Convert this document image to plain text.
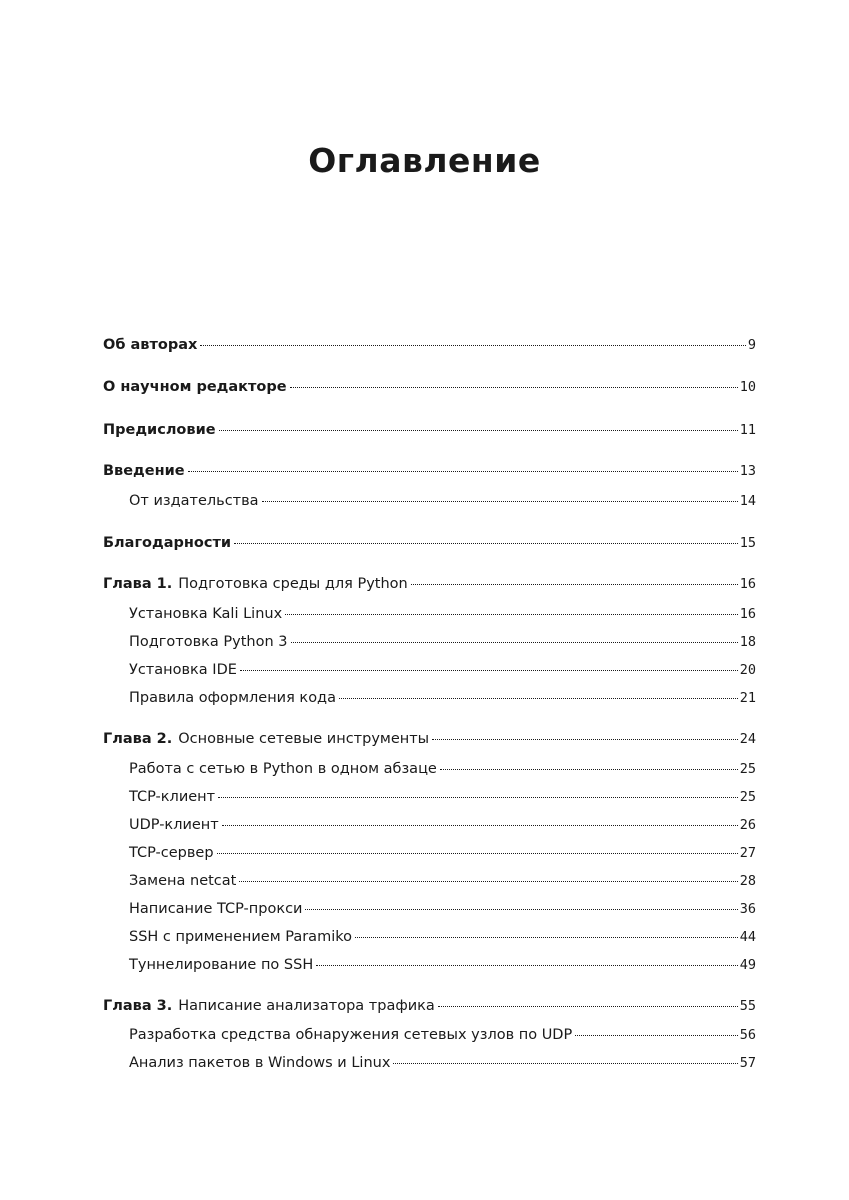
Оглавление
Об авторах	9
О научном редакторе	10
Предисловие	11
Введение	13
От издательства	14
Благодарности	15
Глава 1. Подготовка среды для Python	16
Установка Kali Linux	16
Подготовка Python 3	18
Установка IDE	20
Правила оформления кода	21
Глава 2. Основные сетевые инструменты	24
Работа с сетью в Python в одном абзаце	25
TCP-клиент	25
UDP-клиент	26
TCP-сервер	27
Замена netcat	28
Написание TCP-прокси	36
SSH с применением Paramiko	44
Туннелирование по SSH	49
Глава 3. Написание анализатора трафика	55
Разработка средства обнаружения сетевых узлов по UDP	56
Анализ пакетов в Windows и Linux	57
